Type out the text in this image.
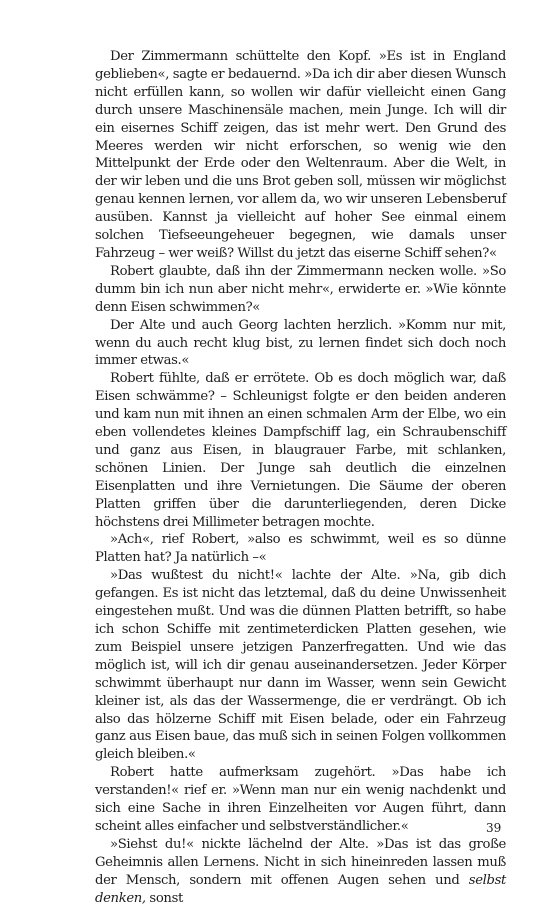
Der Zimmermann schüttelte den Kopf. »Es ist in England geblieben«, sagte er bedauernd. »Da ich dir aber diesen Wunsch nicht erfüllen kann, so wollen wir dafür vielleicht einen Gang durch unsere Maschinensäle machen, mein Junge. Ich will dir ein eisernes Schiff zeigen, das ist mehr wert. Den Grund des Meeres werden wir nicht erforschen, so wenig wie den Mittelpunkt der Erde oder den Weltenraum. Aber die Welt, in der wir leben und die uns Brot geben soll, müssen wir möglichst genau kennen lernen, vor allem da, wo wir unseren Lebensberuf ausüben. Kannst ja vielleicht auf hoher See einmal einem solchen Tiefseeungeheuer begegnen, wie damals unser Fahrzeug – wer weiß? Willst du jetzt das eiserne Schiff sehen?«

Robert glaubte, daß ihn der Zimmermann necken wolle. »So dumm bin ich nun aber nicht mehr«, erwiderte er. »Wie könnte denn Eisen schwimmen?«

Der Alte und auch Georg lachten herzlich. »Komm nur mit, wenn du auch recht klug bist, zu lernen findet sich doch noch immer etwas.«

Robert fühlte, daß er errötete. Ob es doch möglich war, daß Eisen schwämme? – Schleunigst folgte er den beiden anderen und kam nun mit ihnen an einen schmalen Arm der Elbe, wo ein eben vollendetes kleines Dampfschiff lag, ein Schraubenschiff und ganz aus Eisen, in blaugrauer Farbe, mit schlanken, schönen Linien. Der Junge sah deutlich die einzelnen Eisenplatten und ihre Vernietungen. Die Säume der oberen Platten griffen über die darunterliegenden, deren Dicke höchstens drei Millimeter betragen mochte.

»Ach«, rief Robert, »also es schwimmt, weil es so dünne Platten hat? Ja natürlich –«

»Das wußtest du nicht!« lachte der Alte. »Na, gib dich gefangen. Es ist nicht das letztemal, daß du deine Unwissenheit eingestehen mußt. Und was die dünnen Platten betrifft, so habe ich schon Schiffe mit zentimeterdicken Platten gesehen, wie zum Beispiel unsere jetzigen Panzerfregatten. Und wie das möglich ist, will ich dir genau auseinandersetzen. Jeder Körper schwimmt überhaupt nur dann im Wasser, wenn sein Gewicht kleiner ist, als das der Wassermenge, die er verdrängt. Ob ich also das hölzerne Schiff mit Eisen belade, oder ein Fahrzeug ganz aus Eisen baue, das muß sich in seinen Folgen vollkommen gleich bleiben.«

Robert hatte aufmerksam zugehört. »Das habe ich verstanden!« rief er. »Wenn man nur ein wenig nachdenkt und sich eine Sache in ihren Einzelheiten vor Augen führt, dann scheint alles einfacher und selbstverständlicher.«

»Siehst du!« nickte lächelnd der Alte. »Das ist das große Geheimnis allen Lernens. Nicht in sich hineinreden lassen muß der Mensch, sondern mit offenen Augen sehen und selbst denken, sonst

39
